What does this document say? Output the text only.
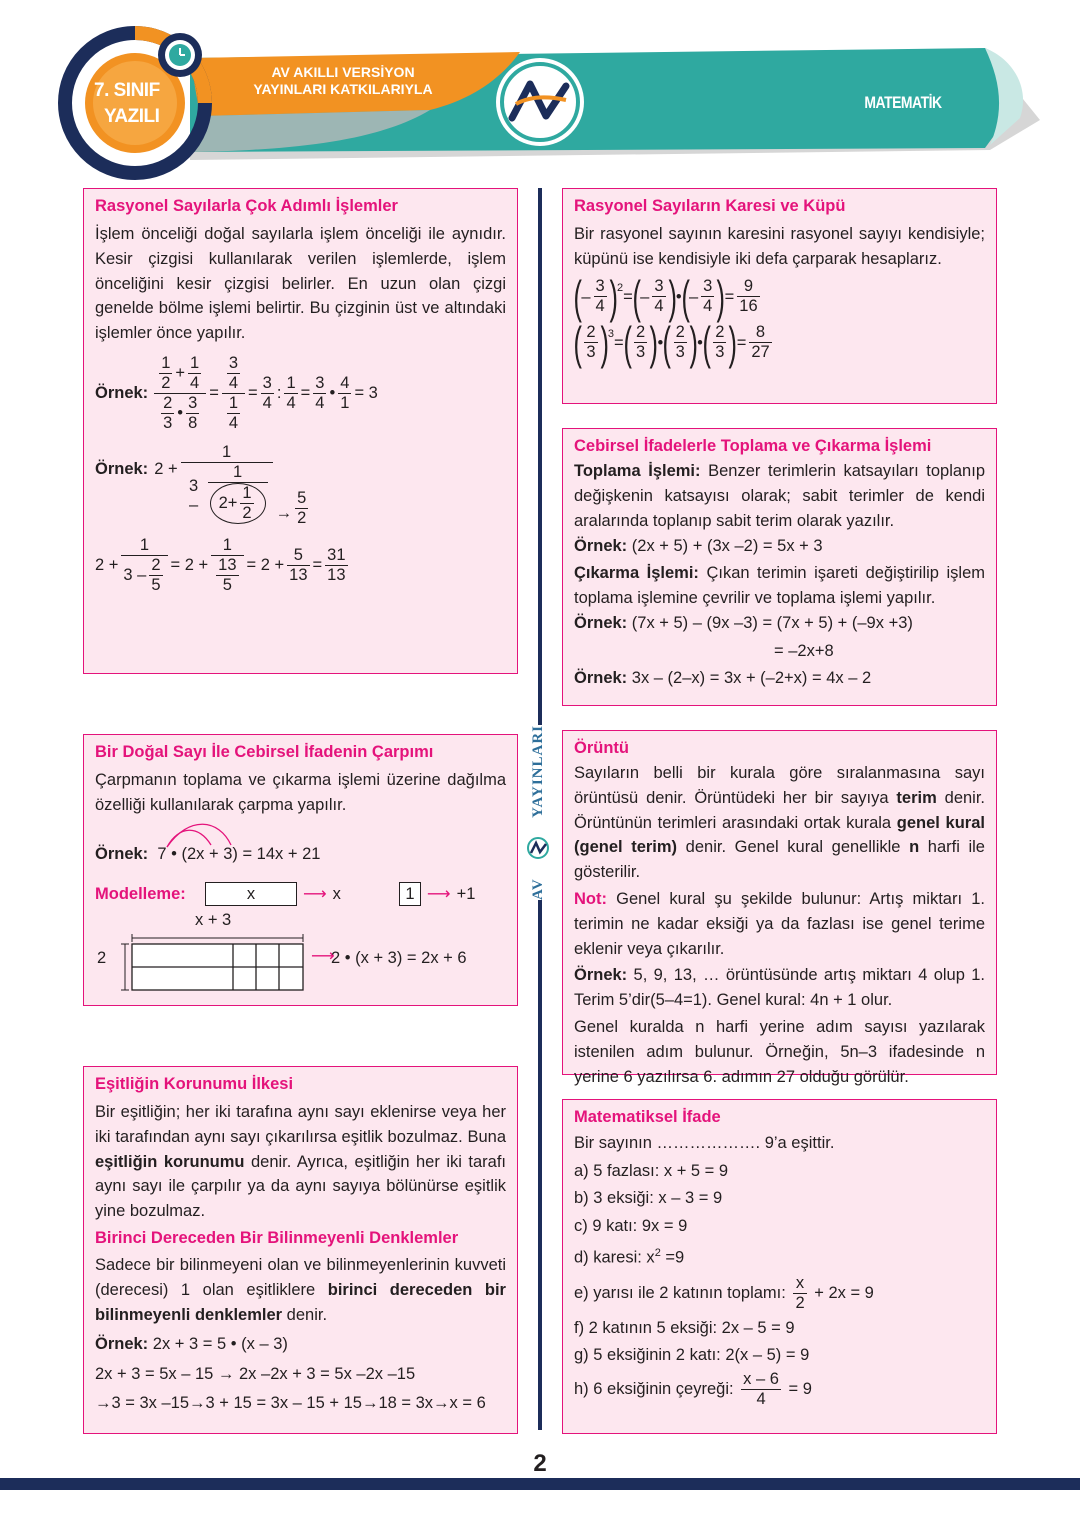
7. SINIF
YAZILI
AV AKILLI VERSİYON
YAYINLARI KATKILARIYLA
MATEMATİK
AV
YAYINLARI
Rasyonel Sayılarla Çok Adımlı İşlemler
İşlem önceliği doğal sayılarla işlem önceliği ile aynıdır. Kesir çizgisi kullanılarak verilen işlemlerde, işlem önceliğini kesir çizgisi belirler. En uzun olan çizgi genelde bölme işlemi belirtir. Bu çizginin üst ve altındaki işlemler önce yapılır.
Örnek: $\frac{\frac{1}{2} + \frac{1}{4}}{\frac{2}{3} • \frac{3}{8}} = \frac{\frac{3}{4}}{\frac{1}{4}} = \frac{3}{4}$ : $\frac{1}{4} = \frac{3}{4}$ • $\frac{4}{1}$ =
3
Örnek: 2 +
1
3 –
1
$2+ \frac{1}{2}$ →
5
2
$2 + \frac{1}{3 - \frac{2}{5}} = 2 + \frac{1}{\frac{13}{5}} = 2 + \frac{5}{13} = \frac{31}{13}$
Bir Doğal Sayı İle Cebirsel İfadenin Çarpımı
Çarpmanın toplama ve çıkarma işlemi üzerine dağılma özelliği kullanılarak çarpma yapılır.
Örnek:
7 • (2x + 3) = 14x + 21
Modelleme:	x	⟶ x	1 ⟶ +1
x + 3
2	⟶
2 • (x + 3) = 2x + 6
Eşitliğin Korunumu İlkesi
Bir eşitliğin; her iki tarafına aynı sayı eklenirse veya her iki tarafından aynı sayı çıkarılırsa eşitlik bozulmaz. Buna eşitliğin korunumu denir. Ayrıca, eşitliğin her iki tarafı aynı sayı ile çarpılır ya da aynı sayıya bölünürse eşitlik yine bozulmaz.
Birinci Dereceden Bir Bilinmeyenli Denklemler
Sadece bir bilinmeyeni olan ve bilinmeyenlerinin kuvveti (derecesi) 1 olan eşitliklere birinci dereceden bir bilinmeyenli denklemler denir.
Örnek: 2x + 3 = 5 • (x – 3)
2x + 3 = 5x – 15 → 2x –2x + 3 = 5x –2x –15
→3 = 3x –15→3 + 15 = 3x – 15 + 15→18 = 3x→x = 6
Rasyonel Sayıların Karesi ve Küpü
Bir rasyonel sayının karesini rasyonel sayıyı kendisiyle; küpünü ise kendisiyle iki defa çarparak hesaplarız.
( –
3
4 )$^2$ = ( –
3
4 ) • ( –
3
4 ) = $\frac{9}{16}$
( 2
3 )$^3$ = ( 2
3 ) • ( 2
3 ) • ( 2
3 ) = $\frac{8}{27}$
Cebirsel İfadelerle Toplama ve Çıkarma İşlemi
Toplama İşlemi: Benzer terimlerin katsayıları toplanıp değişkenin katsayısı olarak; sabit terimler de kendi aralarında toplanıp sabit terim olarak yazılır.
Örnek: (2x + 5) + (3x –2) = 5x + 3
Çıkarma İşlemi: Çıkan terimin işareti değiştirilip işlem toplama işlemine çevrilir ve toplama işlemi yapılır.
Örnek: (7x + 5) – (9x –3) = (7x + 5) + (–9x +3)
= –2x+8
Örnek: 3x – (2–x) = 3x + (–2+x) = 4x – 2
Örüntü
Sayıların belli bir kurala göre sıralanmasına sayı örüntüsü denir. Örüntüdeki her bir sayıya terim denir. Örüntünün terimleri arasındaki ortak kurala genel kural (genel terim) denir. Genel kural genellikle n harfi ile gösterilir.
Not: Genel kural şu şekilde bulunur: Artış miktarı 1. terimin ne kadar eksiği ya da fazlası ise genel terime eklenir veya çıkarılır.
Örnek: 5, 9, 13, … örüntüsünde artış miktarı 4 olup 1. Terim 5’dir(5–4=1). Genel kural: 4n + 1 olur.
Genel kuralda n harfi yerine adım sayısı yazılarak istenilen adım bulunur. Örneğin, 5n–3 ifadesinde n yerine 6 yazılırsa 6. adımın 27 olduğu görülür.
Matematiksel İfade
Bir sayının ………………. 9’a eşittir.
a) 5 fazlası: x + 5 = 9
b) 3 eksiği: x – 3 = 9
c) 9 katı: 9x = 9
d) karesi: $x^2 =9$
e) yarısı ile 2 katının toplamı:

x
2

+ 2x = 9
f) 2 katının 5 eksiği: 2x – 5 = 9
g) 5 eksiğinin 2 katı: 2(x – 5) = 9
h) 6 eksiğinin çeyreği:
$\frac{x - 6}{4}$
= 9
2
